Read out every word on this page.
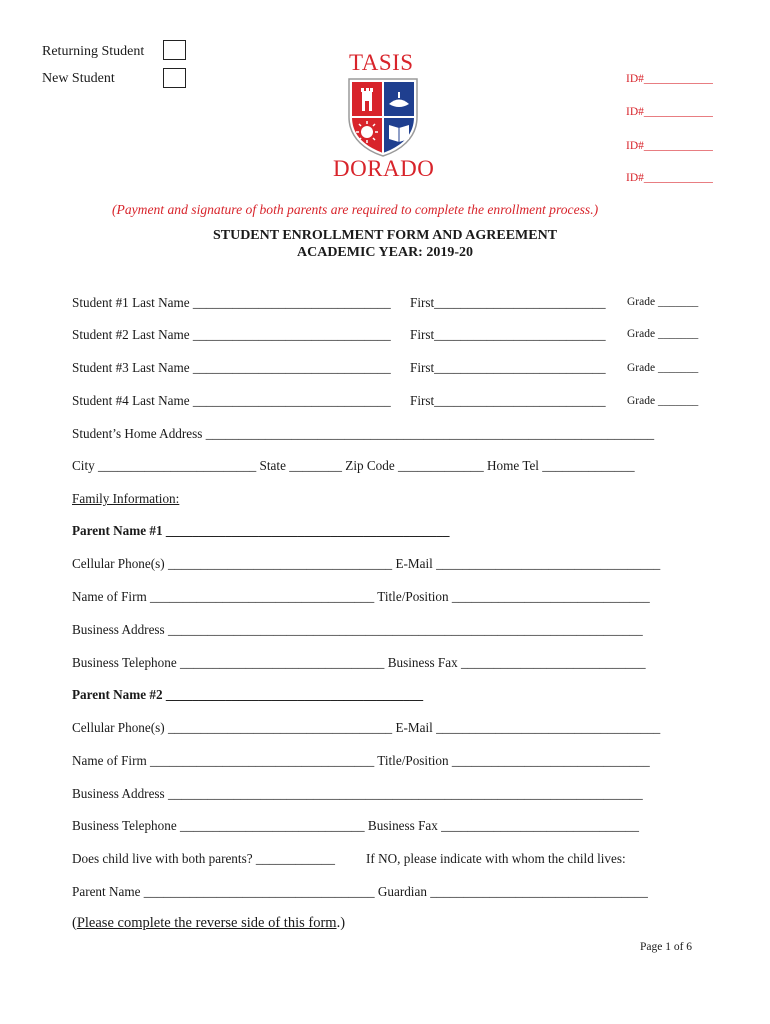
Returning Student
New Student
TASIS
DORADO
ID#____________
ID#____________
ID#____________
ID#____________
(Payment and signature of both parents are required to complete the enrollment process.)
STUDENT ENROLLMENT FORM AND AGREEMENT
ACADEMIC YEAR: 2019-20
Student #1 Last Name ______________________________ First__________________________ Grade _______
Student #2 Last Name ______________________________ First__________________________ Grade _______
Student #3 Last Name ______________________________ First__________________________ Grade _______
Student #4 Last Name ______________________________ First__________________________ Grade _______
Student’s Home Address ____________________________________________________________________
City ________________________ State ________ Zip Code _____________ Home Tel ______________
Family Information:
Parent Name #1 ___________________________________________
Cellular Phone(s) __________________________________ E-Mail __________________________________
Name of Firm __________________________________ Title/Position ______________________________
Business Address ________________________________________________________________________
Business Telephone _______________________________ Business Fax ____________________________
Parent Name #2 _______________________________________
Cellular Phone(s) __________________________________ E-Mail __________________________________
Name of Firm __________________________________ Title/Position ______________________________
Business Address ________________________________________________________________________
Business Telephone ____________________________ Business Fax ______________________________
Does child live with both parents? ____________ If NO, please indicate with whom the child lives:
Parent Name ___________________________________ Guardian _________________________________
(Please complete the reverse side of this form.)
Page 1 of 6
